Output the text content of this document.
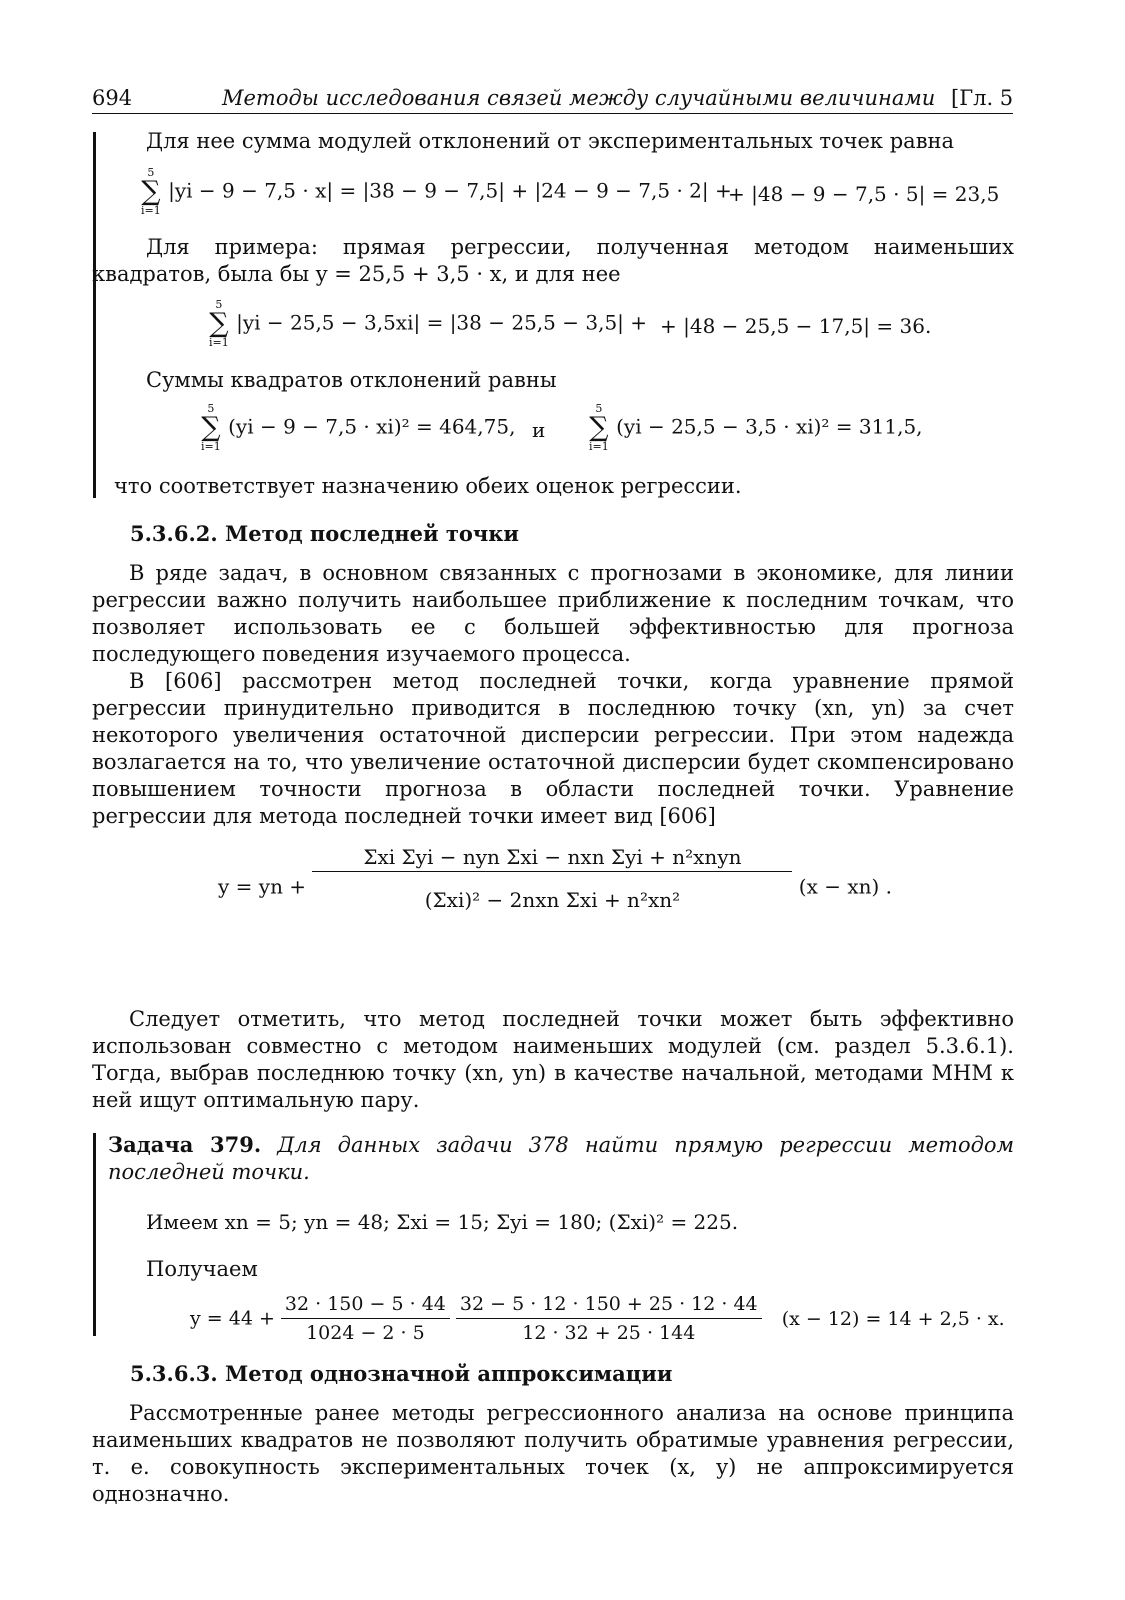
694	Методы исследования связей между случайными величинами [Гл. 5

Для нее сумма модулей отклонений от экспериментальных точек равна

5
∑
i=1
|yi − 9 − 7,5 · x| = |38 − 9 − 7,5| + |24 − 9 − 7,5 · 2| +
+ |48 − 9 − 7,5 · 5| = 23,5

Для примера: прямая регрессии, полученная методом наименьших квадратов, была бы y = 25,5 + 3,5 · x, и для нее

5
∑
i=1
|yi − 25,5 − 3,5xi| = |38 − 25,5 − 3,5| + + |48 − 25,5 − 17,5| = 36.

Суммы квадратов отклонений равны

5
∑
i=1
(yi − 9 − 7,5 · xi)² = 464,75, и
5
∑
i=1
(yi − 25,5 − 3,5 · xi)² = 311,5,

что соответствует назначению обеих оценок регрессии.

5.3.6.2. Метод последней точки

В ряде задач, в основном связанных с прогнозами в экономике, для линии регрессии важно получить наибольшее приближение к последним точкам, что позволяет использовать ее с большей эффективностью для прогноза последующего поведения изучаемого процесса.

В [606] рассмотрен метод последней точки, когда уравнение прямой регрессии принудительно приводится в последнюю точку (xn, yn) за счет некоторого увеличения остаточной дисперсии регрессии. При этом надежда возлагается на то, что увеличение остаточной дисперсии будет скомпенсировано повышением точности прогноза в области последней точки. Уравнение регрессии для метода последней точки имеет вид [606]

y = yn + $\frac{\text{Σxi Σyi − nyn Σxi − nxn Σyi + n²xnyn}}{\text{(Σxi)² − 2nxn Σxi + n²xn²}} (x - xn)$ .

Следует отметить, что метод последней точки может быть эффективно использован совместно с методом наименьших модулей (см. раздел 5.3.6.1). Тогда, выбрав последнюю точку (xn, yn) в качестве начальной, методами МНМ к ней ищут оптимальную пару.

Задача 379. Для данных задачи 378 найти прямую регрессии методом последней точки.

Имеем xn = 5; yn = 48; Σxi = 15; Σyi = 180; (Σxi)² = 225.
Получаем
$y = 44 + \frac{32 \cdot 150 - 5 \cdot 44}{1024 - 2 \cdot 5}$
$\frac{32 - 5 \cdot 12 \cdot 150 + 25 \cdot 12 \cdot 44}{12 \cdot 32 + 25 \cdot 144} (x - 12) = 14 + 2,5 \cdot x$.
5.3.6.3. Метод однозначной аппроксимации

Рассмотренные ранее методы регрессионного анализа на основе принципа наименьших квадратов не позволяют получить обратимые уравнения регрессии, т. е. совокупность экспериментальных точек (x, y) не аппроксимируется однозначно.
